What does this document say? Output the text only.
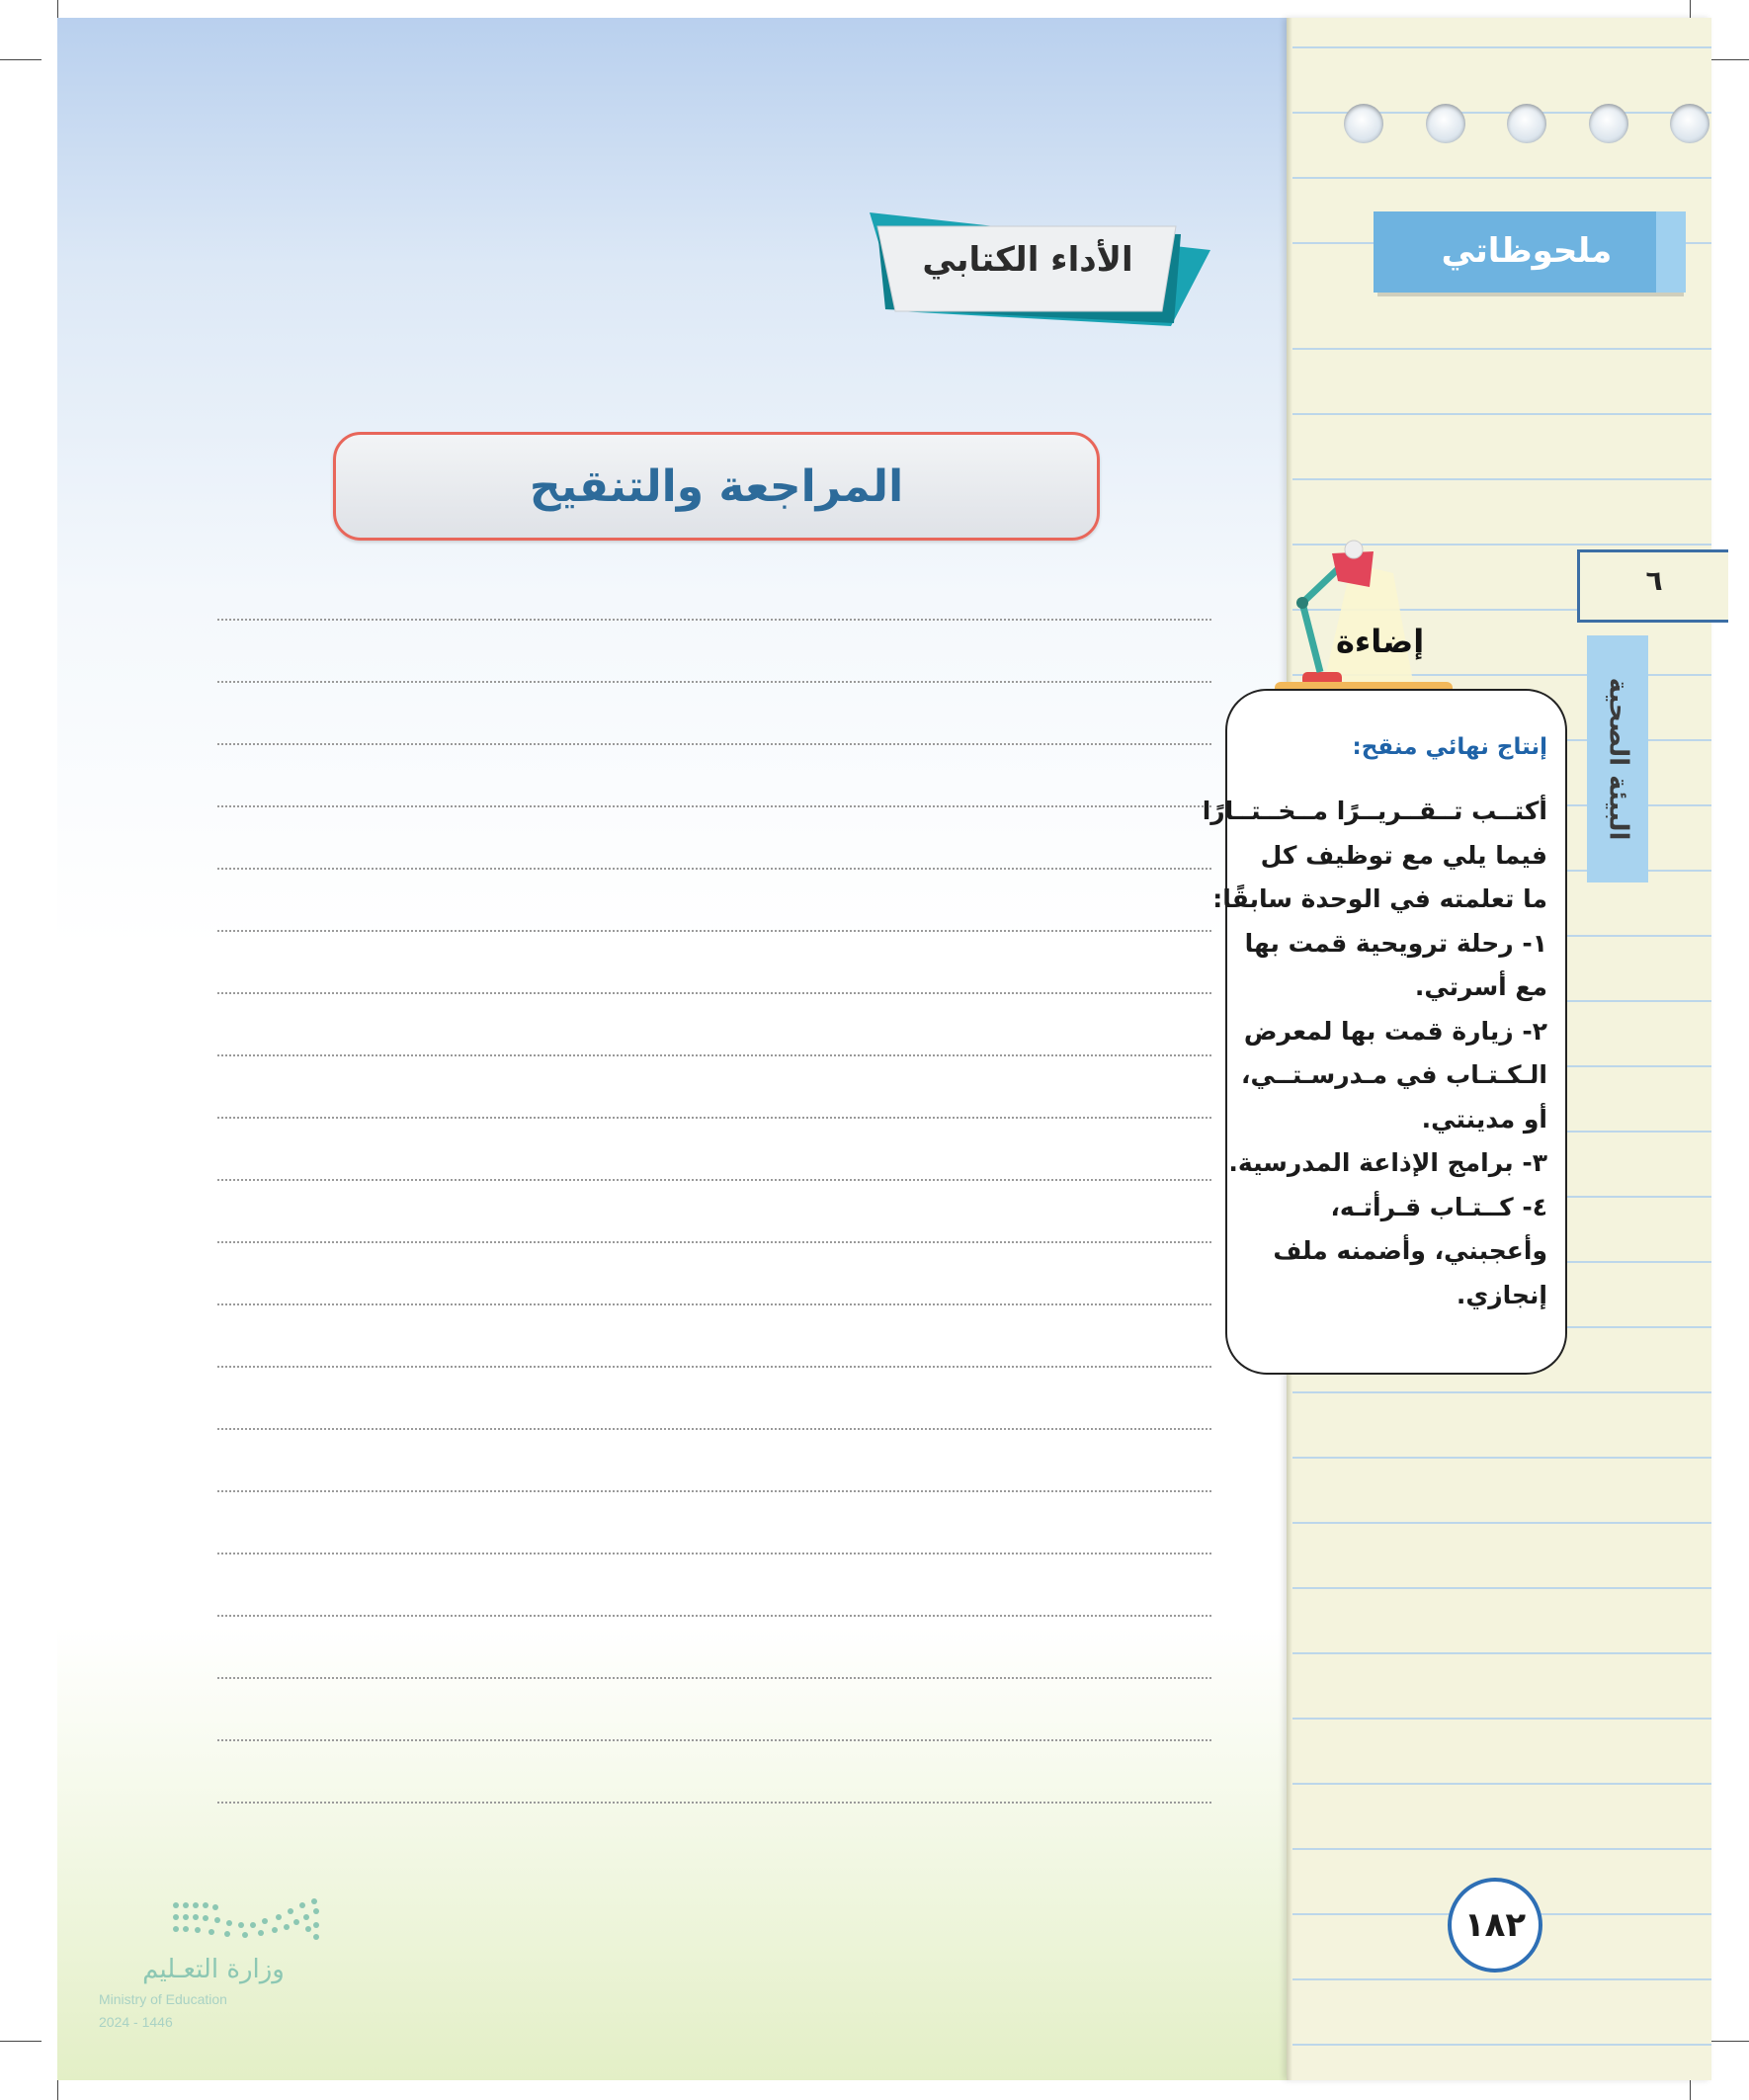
ملحوظاتي
الأداء الكتابي
المراجعة والتنقيح
٦
البيئة الصحية
إضاءة
إنتاج نهائي منقح:
أكتــب تــقــريــرًا مــخــتــارًا
فيما يلي مع توظيف كل
ما تعلمته في الوحدة سابقًا:
١- رحلة ترويحية قمت بها
مع أسرتي.
٢- زيارة قمت بها لمعرض
الـكـتـاب في مـدرسـتــي،
أو مدينتي.
٣- برامج الإذاعة المدرسية.
٤- كــتـاب قـرأتـه،
وأعجبني، وأضمنه ملف
إنجازي.
١٨٢
وزارة التعـليم
Ministry of Education
2024 - 1446
